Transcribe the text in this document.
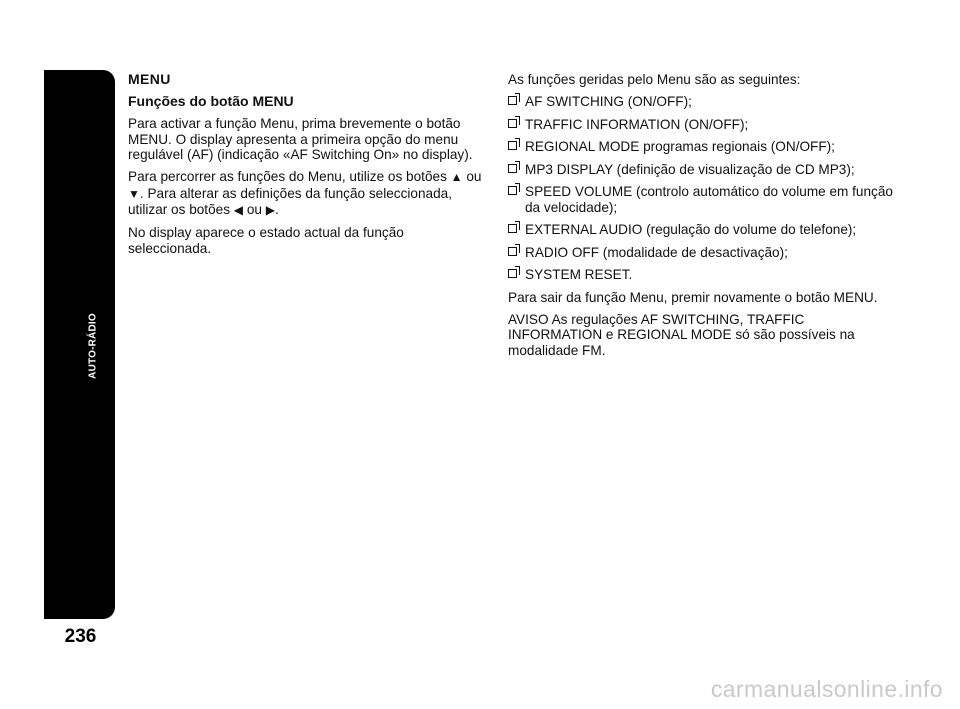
AUTO-RÁDIO
236

MENU

Funções do botão MENU

Para activar a função Menu, prima brevemente o botão MENU. O display apresenta a primeira opção do menu regulável (AF) (indicação «AF Switching On» no display).

Para percorrer as funções do Menu, utilize os botões ▲ ou ▼. Para alterar as definições da função seleccionada, utilizar os botões ◀ ou ▶.

No display aparece o estado actual da função seleccionada.

As funções geridas pelo Menu são as seguintes:

AF SWITCHING (ON/OFF);
TRAFFIC INFORMATION (ON/OFF);
REGIONAL MODE programas regionais (ON/OFF);
MP3 DISPLAY (definição de visualização de CD MP3);
SPEED VOLUME (controlo automático do volume em função da velocidade);
EXTERNAL AUDIO (regulação do volume do telefone);
RADIO OFF (modalidade de desactivação);
SYSTEM RESET.

Para sair da função Menu, premir novamente o botão MENU.

AVISO As regulações AF SWITCHING, TRAFFIC INFORMATION e REGIONAL MODE só são possíveis na modalidade FM.

carmanualsonline.info
